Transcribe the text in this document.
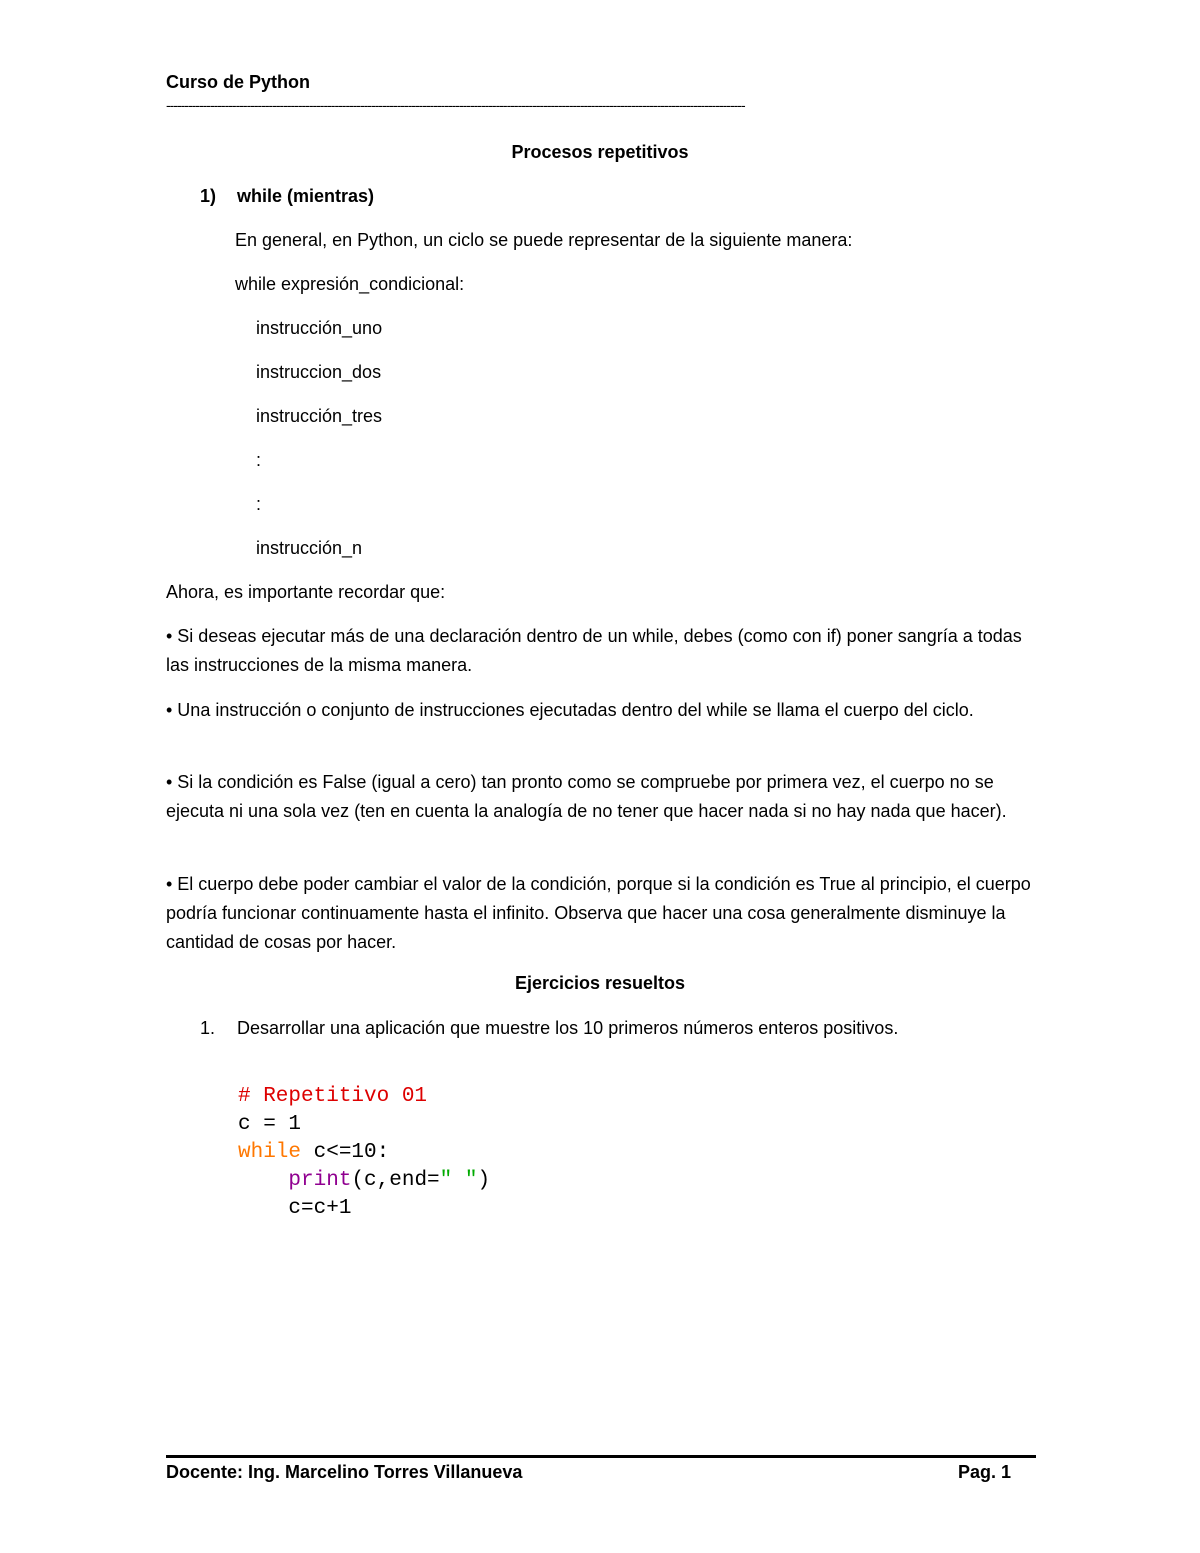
Curso de Python
--------------------------------------------------------------------------------------------------------------------------------------------------------------
Procesos repetitivos
1) while (mientras)
En general, en Python, un ciclo se puede representar de la siguiente manera:
while expresión_condicional:
instrucción_uno
instruccion_dos
instrucción_tres
:
:
instrucción_n
Ahora, es importante recordar que:
• Si deseas ejecutar más de una declaración dentro de un while, debes (como con if) poner sangría a todas las instrucciones de la misma manera.
• Una instrucción o conjunto de instrucciones ejecutadas dentro del while se llama el cuerpo del ciclo.
• Si la condición es False (igual a cero) tan pronto como se compruebe por primera vez, el cuerpo no se ejecuta ni una sola vez (ten en cuenta la analogía de no tener que hacer nada si no hay nada que hacer).
• El cuerpo debe poder cambiar el valor de la condición, porque si la condición es True al principio, el cuerpo podría funcionar continuamente hasta el infinito. Observa que hacer una cosa generalmente disminuye la cantidad de cosas por hacer.
Ejercicios resueltos
1. Desarrollar una aplicación que muestre los 10 primeros números enteros positivos.
# Repetitivo 01
c = 1
while c<=10:
print(c,end=" ")
c=c+1
Docente: Ing. Marcelino Torres Villanueva	Pag. 1
